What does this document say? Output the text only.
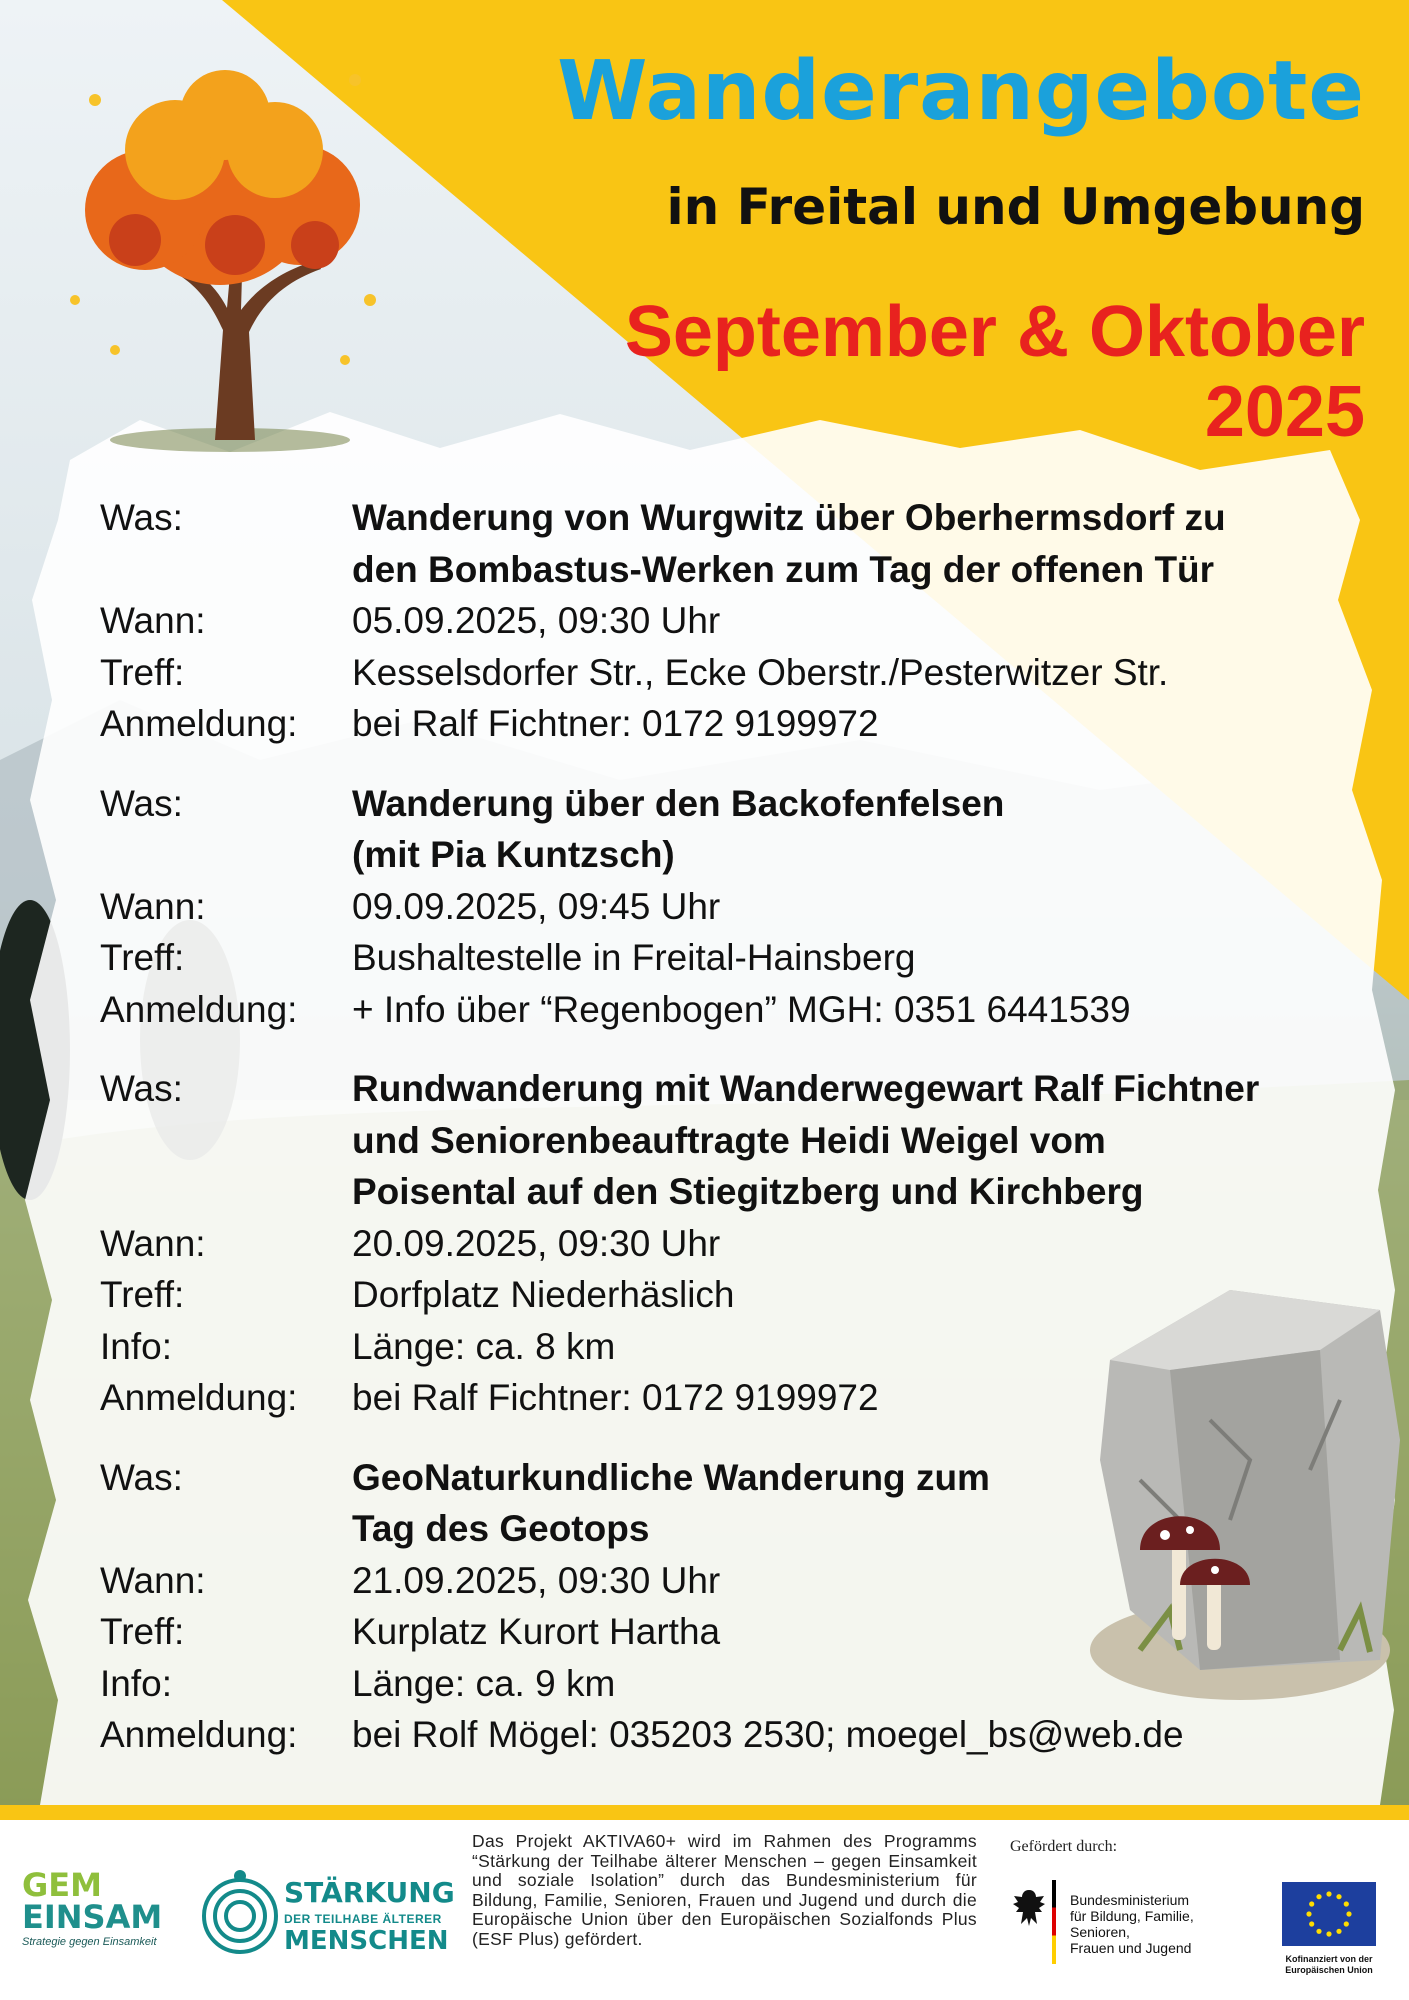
Wanderangebote
in Freital und Umgebung
September & Oktober
2025
Was:	Wanderung von Wurgwitz über Oberhermsdorf zu
den Bombastus-Werken zum Tag der offenen Tür
Wann:	05.09.2025, 09:30 Uhr
Treff:	Kesselsdorfer Str., Ecke Oberstr./Pesterwitzer Str.
Anmeldung:	bei Ralf Fichtner: 0172 9199972
Was:	Wanderung über den Backofenfelsen
(mit Pia Kuntzsch)
Wann:	09.09.2025, 09:45 Uhr
Treff:	Bushaltestelle in Freital-Hainsberg
Anmeldung:	+ Info über “Regenbogen” MGH: 0351 6441539
Was:	Rundwanderung mit Wanderwegewart Ralf Fichtner
und Seniorenbeauftragte Heidi Weigel vom
Poisental auf den Stiegitzberg und Kirchberg
Wann:	20.09.2025, 09:30 Uhr
Treff:	Dorfplatz Niederhäslich
Info:	Länge: ca. 8 km
Anmeldung:	bei Ralf Fichtner: 0172 9199972
Was:	GeoNaturkundliche Wanderung zum
Tag des Geotops
Wann:	21.09.2025, 09:30 Uhr
Treff:	Kurplatz Kurort Hartha
Info:	Länge: ca. 9 km
Anmeldung:	bei Rolf Mögel: 035203 2530; moegel_bs@web.de
GEM
EINSAM
Strategie gegen Einsamkeit
STÄRKUNG
DER TEILHABE ÄLTERER
MENSCHEN
Das Projekt AKTIVA60+ wird im Rahmen des Programms “Stärkung der Teilhabe älterer Menschen – gegen Einsamkeit und soziale Isolation” durch das Bundesministerium für Bildung, Familie, Senioren, Frauen und Jugend und durch die Europäische Union über den Europäischen Sozialfonds Plus (ESF Plus) gefördert.
Gefördert durch:
Bundesministerium
für Bildung, Familie, Senioren,
Frauen und Jugend
Kofinanziert von der
Europäischen Union
